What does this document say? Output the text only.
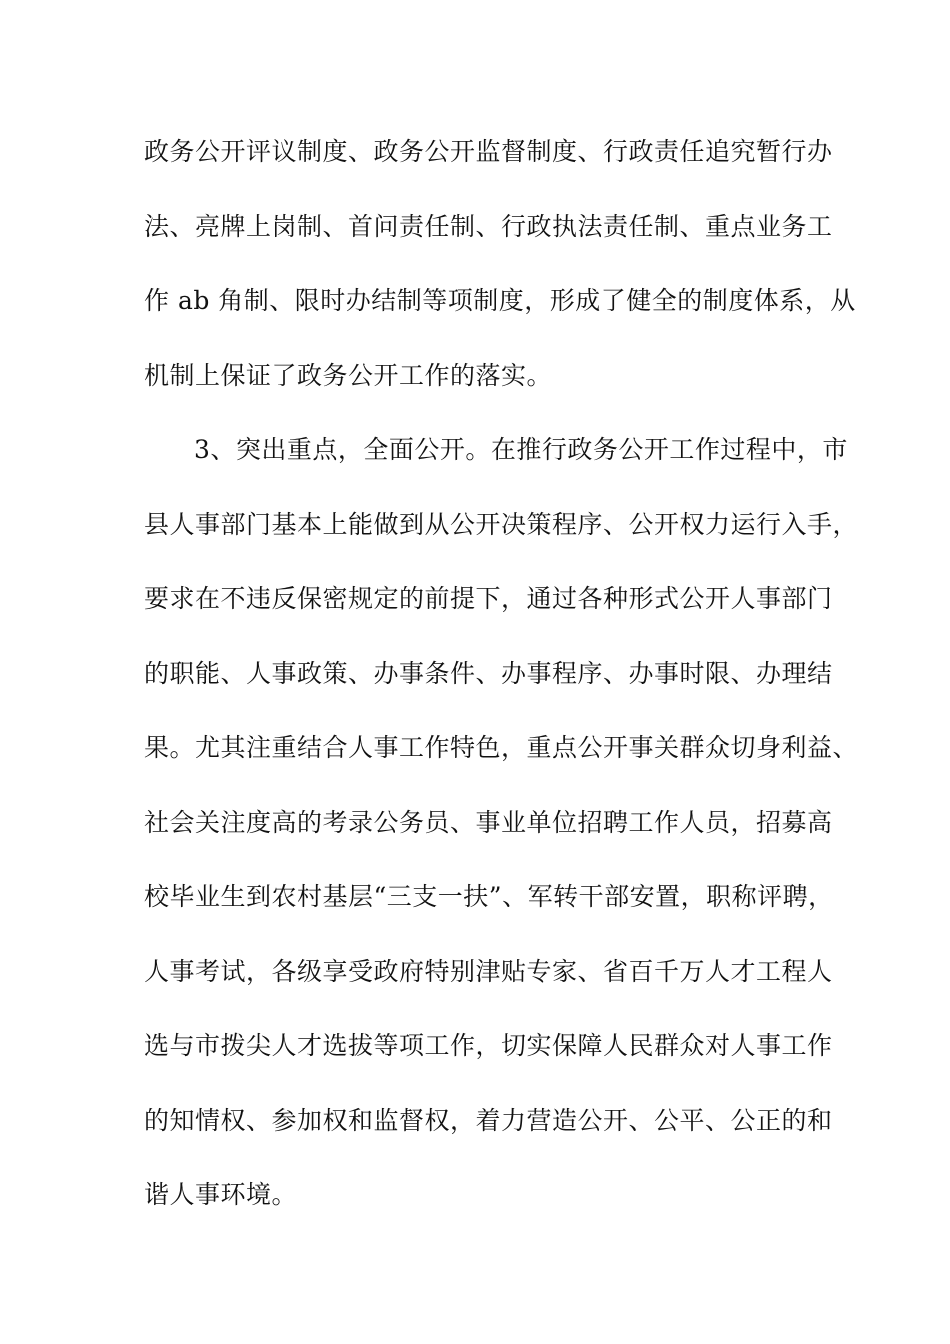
政务公开评议制度、政务公开监督制度、行政责任追究暂行办
法、亮牌上岗制、首问责任制、行政执法责任制、重点业务工
作 ab 角制、限时办结制等项制度，形成了健全的制度体系，从
机制上保证了政务公开工作的落实。
3、突出重点，全面公开。在推行政务公开工作过程中，市
县人事部门基本上能做到从公开决策程序、公开权力运行入手，
要求在不违反保密规定的前提下，通过各种形式公开人事部门
的职能、人事政策、办事条件、办事程序、办事时限、办理结
果。尤其注重结合人事工作特色，重点公开事关群众切身利益、
社会关注度高的考录公务员、事业单位招聘工作人员，招募高
校毕业生到农村基层“三支一扶”、军转干部安置，职称评聘，
人事考试，各级享受政府特别津贴专家、省百千万人才工程人
选与市拨尖人才选拔等项工作，切实保障人民群众对人事工作
的知情权、参加权和监督权，着力营造公开、公平、公正的和
谐人事环境。
